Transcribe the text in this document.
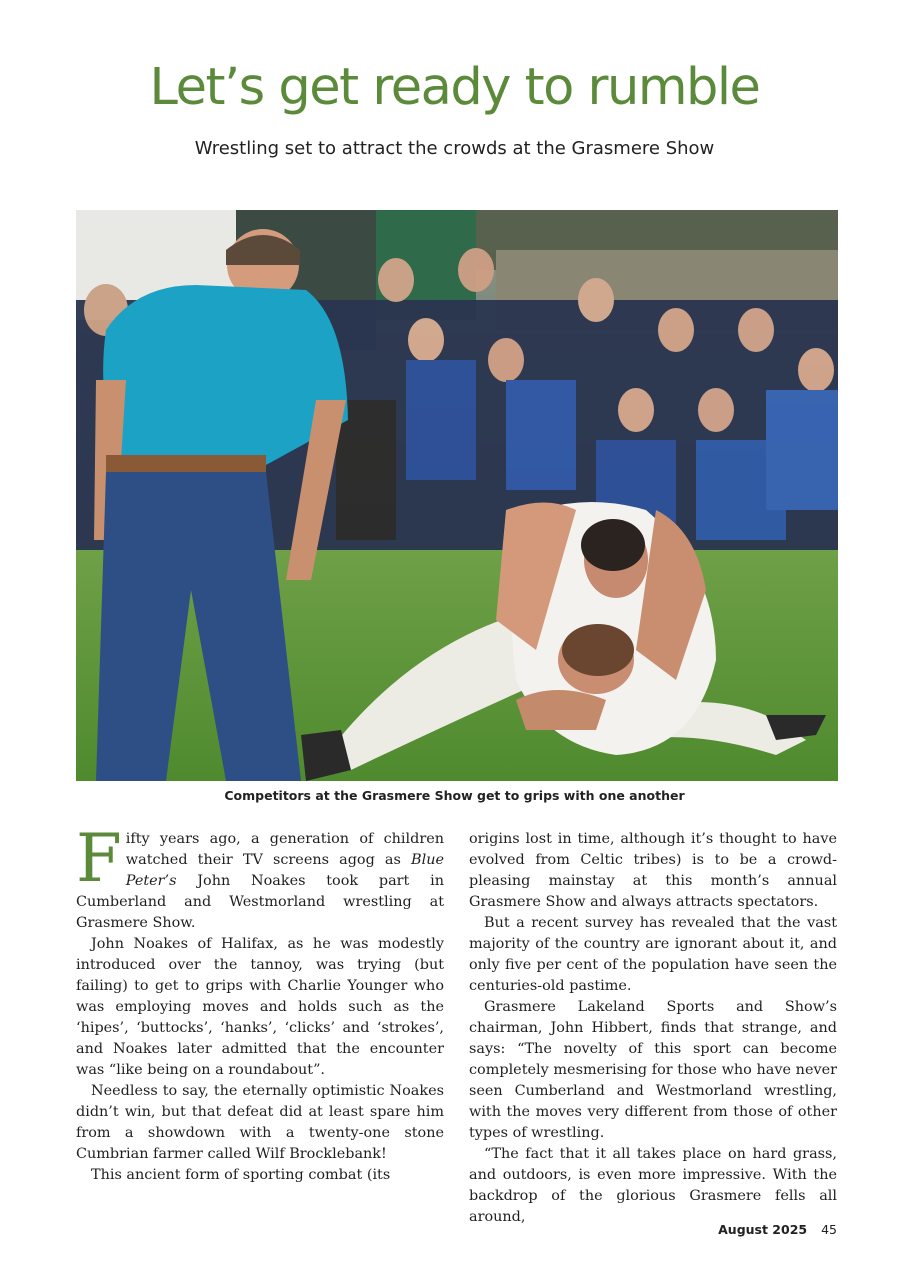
Let’s get ready to rumble

Wrestling set to attract the crowds at the Grasmere Show

Competitors at the Grasmere Show get to grips with one another

Fifty years ago, a generation of children watched their TV screens agog as Blue Peter’s John Noakes took part in Cumberland and Westmorland wrestling at Grasmere Show.

John Noakes of Halifax, as he was modestly introduced over the tannoy, was trying (but failing) to get to grips with Charlie Younger who was employing moves and holds such as the ‘hipes’, ‘buttocks’, ‘hanks’, ‘clicks’ and ‘strokes’, and Noakes later admitted that the encounter was “like being on a roundabout”.

Needless to say, the eternally optimistic Noakes didn’t win, but that defeat did at least spare him from a showdown with a twenty-one stone Cumbrian farmer called Wilf Brocklebank!

This ancient form of sporting combat (its

origins lost in time, although it’s thought to have evolved from Celtic tribes) is to be a crowd-pleasing mainstay at this month’s annual Grasmere Show and always attracts spectators.

But a recent survey has revealed that the vast majority of the country are ignorant about it, and only five per cent of the population have seen the centuries-old pastime.

Grasmere Lakeland Sports and Show’s chairman, John Hibbert, finds that strange, and says: “The novelty of this sport can become completely mesmerising for those who have never seen Cumberland and Westmorland wrestling, with the moves very different from those of other types of wrestling.

“The fact that it all takes place on hard grass, and outdoors, is even more impressive. With the backdrop of the glorious Grasmere fells all around,

August 2025 45
